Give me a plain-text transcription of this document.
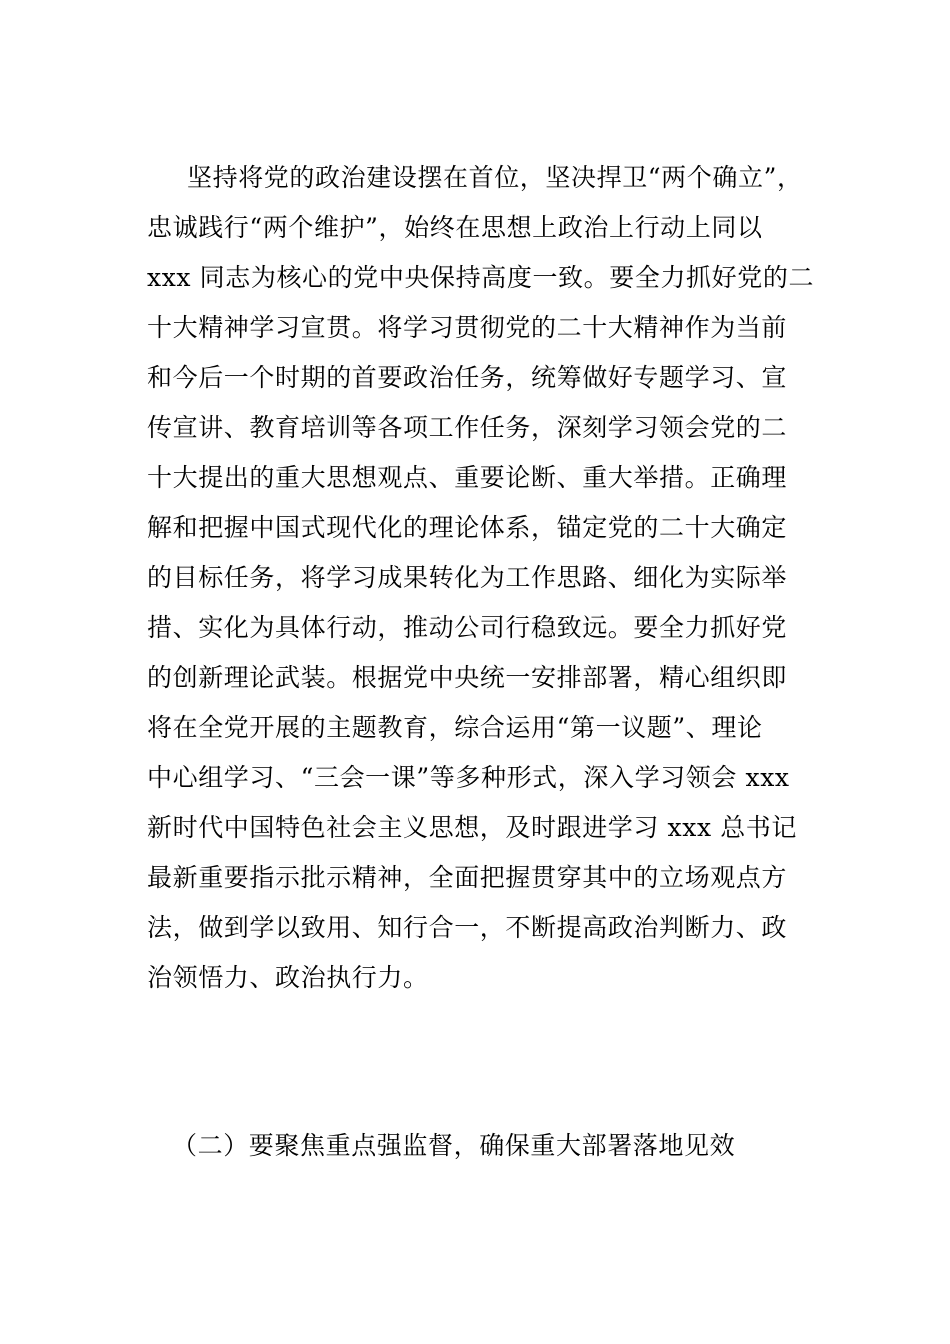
坚持将党的政治建设摆在首位，坚决捍卫“两个确立”，
忠诚践行“两个维护”，始终在思想上政治上行动上同以
xxx 同志为核心的党中央保持高度一致。要全力抓好党的二
十大精神学习宣贯。将学习贯彻党的二十大精神作为当前
和今后一个时期的首要政治任务，统筹做好专题学习、宣
传宣讲、教育培训等各项工作任务，深刻学习领会党的二
十大提出的重大思想观点、重要论断、重大举措。正确理
解和把握中国式现代化的理论体系，锚定党的二十大确定
的目标任务，将学习成果转化为工作思路、细化为实际举
措、实化为具体行动，推动公司行稳致远。要全力抓好党
的创新理论武装。根据党中央统一安排部署，精心组织即
将在全党开展的主题教育，综合运用“第一议题”、理论
中心组学习、“三会一课”等多种形式，深入学习领会 xxx
新时代中国特色社会主义思想，及时跟进学习 xxx 总书记
最新重要指示批示精神，全面把握贯穿其中的立场观点方
法，做到学以致用、知行合一，不断提高政治判断力、政
治领悟力、政治执行力。
（二）要聚焦重点强监督，确保重大部署落地见效
